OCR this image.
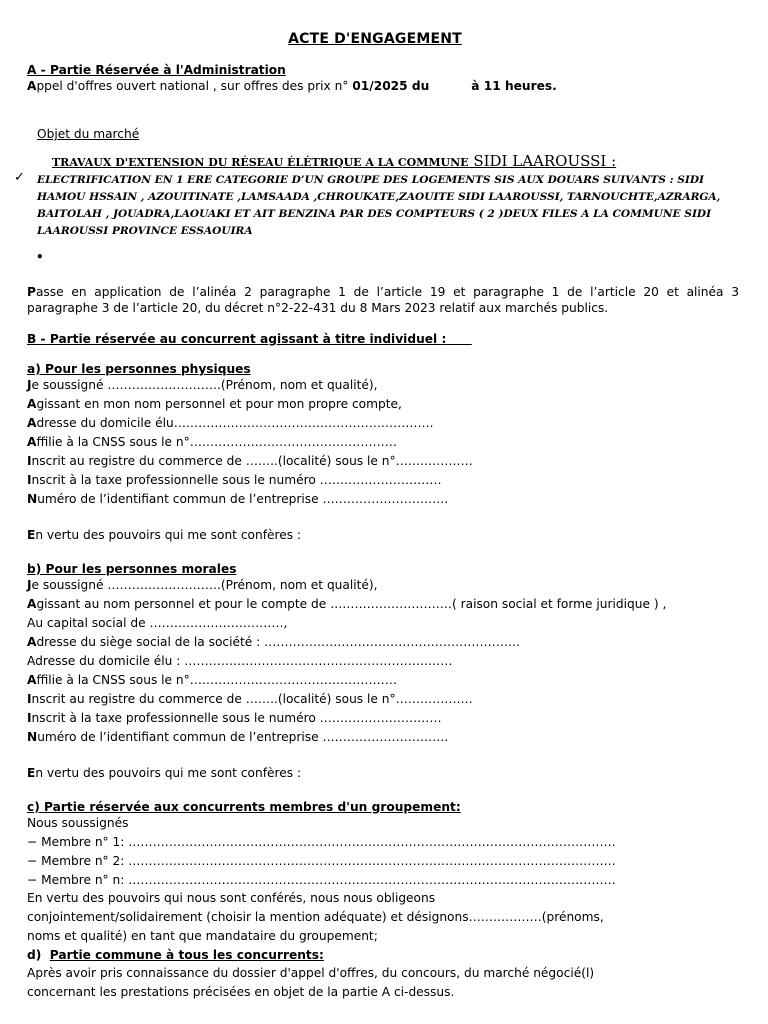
ACTE D'ENGAGEMENT
A - Partie Réservée à l'Administration
Appel d'offres ouvert national , sur offres des prix n° 01/2025 du	à 11 heures.
Objet du marché
TRAVAUX D'EXTENSION DU RÉSEAU ÉLÉTRIQUE A LA COMMUNE SIDI LAAROUSSI :
✓ ELECTRIFICATION EN 1 ERE CATEGORIE D’UN GROUPE DES LOGEMENTS SIS AUX DOUARS SUIVANTS : SIDI HAMOU HSSAIN , AZOUITINATE ,LAMSAADA ,CHROUKATE,ZAOUITE SIDI LAAROUSSI, TARNOUCHTE,AZRARGA, BAITOLAH , JOUADRA,LAOUAKI ET AIT BENZINA PAR DES COMPTEURS ( 2 )DEUX FILES A LA COMMUNE SIDI LAAROUSSI PROVINCE ESSAOUIRA
•
Passe en application de l’alinéa 2 paragraphe 1 de l’article 19 et paragraphe 1 de l’article 20 et alinéa 3 paragraphe 3 de l’article 20, du décret n°2-22-431 du 8 Mars 2023 relatif aux marchés publics.
B - Partie réservée au concurrent agissant à titre individuel :
a) Pour les personnes physiques
Je soussigné ……………………….(Prénom, nom et qualité),
Agissant en mon nom personnel et pour mon propre compte,
Adresse du domicile élu……………………………………………………….
Affilie à la CNSS sous le n°……………………………………………
Inscrit au registre du commerce de ……..(localité) sous le n°……………….
Inscrit à la taxe professionnelle sous le numéro …………………………
Numéro de l’identifiant commun de l’entreprise ………………………….
En vertu des pouvoirs qui me sont confères :
b) Pour les personnes morales
Je soussigné ……………………….(Prénom, nom et qualité),
Agissant au nom personnel et pour le compte de …………………………( raison social et forme juridique ) ,
Au capital social de ……………………………,
Adresse du siège social de la société : ………………………………………………………
Adresse du domicile élu : …………………………………………………………
Affilie à la CNSS sous le n°……………………………………………
Inscrit au registre du commerce de ……..(localité) sous le n°……………….
Inscrit à la taxe professionnelle sous le numéro …………………………
Numéro de l’identifiant commun de l’entreprise ………………………….
En vertu des pouvoirs qui me sont confères :
c) Partie réservée aux concurrents membres d'un groupement:
Nous soussignés
− Membre n° 1: …………………………………………………………………………………………………………
− Membre n° 2: …………………………………………………………………………………………………………
− Membre n° n: …………………………………………………………………………………………………………
En vertu des pouvoirs qui nous sont conférés, nous nous obligeons
conjointement/solidairement (choisir la mention adéquate) et désignons………………(prénoms,
noms et qualité) en tant que mandataire du groupement;
d)  Partie commune à tous les concurrents:
Après avoir pris connaissance du dossier d'appel d'offres, du concours, du marché négocié(l)
concernant les prestations précisées en objet de la partie A ci-dessus.
